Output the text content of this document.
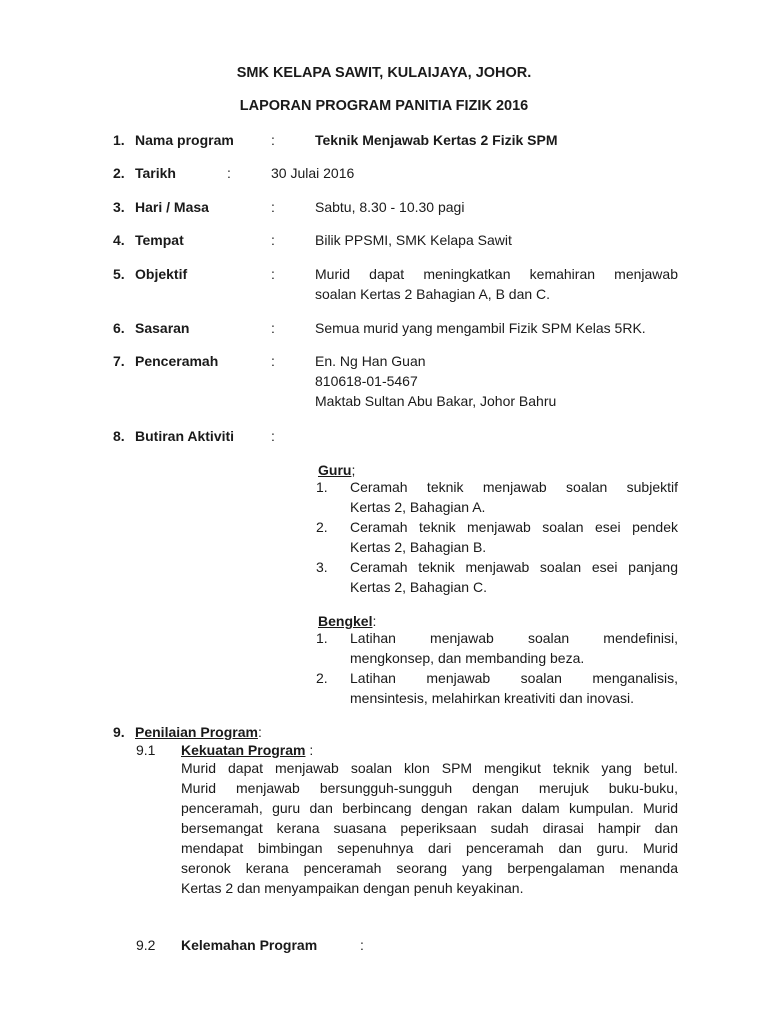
SMK KELAPA SAWIT, KULAIJAYA, JOHOR.
LAPORAN PROGRAM PANITIA FIZIK 2016
1. Nama program	:	Teknik Menjawab Kertas 2 Fizik SPM
2. Tarikh	:	30 Julai 2016
3. Hari / Masa	:	Sabtu, 8.30 - 10.30 pagi
4. Tempat	:	Bilik PPSMI, SMK Kelapa Sawit
5. Objektif	:	Murid dapat meningkatkan kemahiran menjawab
soalan Kertas 2 Bahagian A, B dan C.
6. Sasaran	:	Semua murid yang mengambil Fizik SPM Kelas 5RK.
7. Penceramah	:	En. Ng Han Guan
810618-01-5467
Maktab Sultan Abu Bakar, Johor Bahru
8. Butiran Aktiviti	:
Guru;
1. Ceramah teknik menjawab soalan subjektif
Kertas 2, Bahagian A.
2. Ceramah teknik menjawab soalan esei pendek
Kertas 2, Bahagian B.
3. Ceramah teknik menjawab soalan esei panjang
Kertas 2, Bahagian C.
Bengkel:
1. Latihan menjawab soalan mendefinisi,
mengkonsep, dan membanding beza.
2. Latihan menjawab soalan menganalisis,
mensintesis, melahirkan kreativiti dan inovasi.
9. Penilaian Program:
9.1 Kekuatan Program :
Murid dapat menjawab soalan klon SPM mengikut teknik yang betul.
Murid menjawab bersungguh-sungguh dengan merujuk buku-buku,
penceramah, guru dan berbincang dengan rakan dalam kumpulan. Murid
bersemangat kerana suasana peperiksaan sudah dirasai hampir dan
mendapat bimbingan sepenuhnya dari penceramah dan guru. Murid
seronok kerana penceramah seorang yang berpengalaman menanda
Kertas 2 dan menyampaikan dengan penuh keyakinan.
9.2 Kelemahan Program	:
